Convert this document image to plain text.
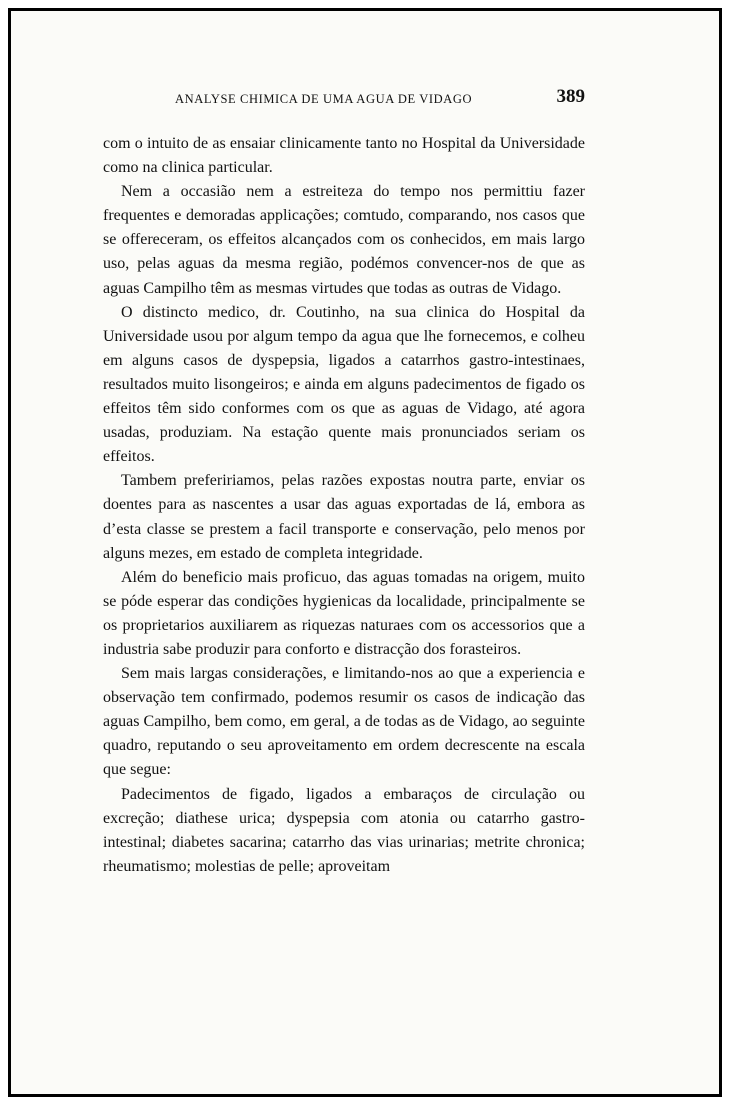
ANALYSE CHIMICA DE UMA AGUA DE VIDAGO	389

com o intuito de as ensaiar clinicamente tanto no Hospital da Universidade como na clinica particular.

Nem a occasião nem a estreiteza do tempo nos permittiu fazer frequentes e demoradas applicações; comtudo, comparando, nos casos que se offereceram, os effeitos alcançados com os conhecidos, em mais largo uso, pelas aguas da mesma região, podémos convencer-nos de que as aguas Campilho têm as mesmas virtudes que todas as outras de Vidago.

O distincto medico, dr. Coutinho, na sua clinica do Hospital da Universidade usou por algum tempo da agua que lhe fornecemos, e colheu em alguns casos de dyspepsia, ligados a catarrhos gastro-intestinaes, resultados muito lisongeiros; e ainda em alguns padecimentos de figado os effeitos têm sido conformes com os que as aguas de Vidago, até agora usadas, produziam. Na estação quente mais pronunciados seriam os effeitos.

Tambem prefeririamos, pelas razões expostas noutra parte, enviar os doentes para as nascentes a usar das aguas exportadas de lá, embora as d’esta classe se prestem a facil transporte e conservação, pelo menos por alguns mezes, em estado de completa integridade.

Além do beneficio mais proficuo, das aguas tomadas na origem, muito se póde esperar das condições hygienicas da localidade, principalmente se os proprietarios auxiliarem as riquezas naturaes com os accessorios que a industria sabe produzir para conforto e distracção dos forasteiros.

Sem mais largas considerações, e limitando-nos ao que a experiencia e observação tem confirmado, podemos resumir os casos de indicação das aguas Campilho, bem como, em geral, a de todas as de Vidago, ao seguinte quadro, reputando o seu aproveitamento em ordem decrescente na escala que segue:

Padecimentos de figado, ligados a embaraços de circulação ou excreção; diathese urica; dyspepsia com atonia ou catarrho gastro-intestinal; diabetes sacarina; catarrho das vias urinarias; metrite chronica; rheumatismo; molestias de pelle; aproveitam
